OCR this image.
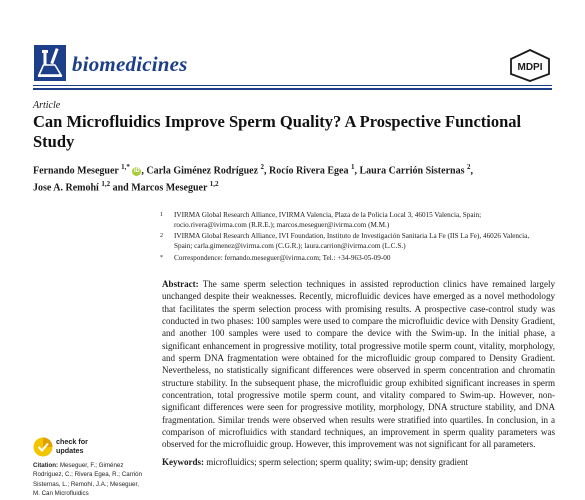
biomedicines	MDPI
Article
Can Microfluidics Improve Sperm Quality? A Prospective Functional Study
Fernando Meseguer $^{1,*}$ iD , Carla Giménez Rodríguez $^2$, Rocío Rivera Egea $^1$, Laura Carrión Sisternas $^2$,
Jose A. Remohí $^{1,2}$ and Marcos Meseguer $^{1,2}$
1 IVIRMA Global Research Alliance, IVIRMA Valencia, Plaza de la Policia Local 3, 46015 Valencia, Spain; rocio.rivera@ivirma.com (R.R.E.); marcos.meseguer@ivirma.com (M.M.)
2 IVIRMA Global Research Alliance, IVI Foundation, Instituto de Investigación Sanitaria La Fe (IIS La Fe), 46026 Valencia, Spain; carla.gimenez@ivirma.com (C.G.R.); laura.carrion@ivirma.com (L.C.S.)
* Correspondence: fernando.meseguer@ivirma.com; Tel.: +34-963-05-09-00
Abstract: The same sperm selection techniques in assisted reproduction clinics have remained largely unchanged despite their weaknesses. Recently, microfluidic devices have emerged as a novel methodology that facilitates the sperm selection process with promising results. A prospective case-control study was conducted in two phases: 100 samples were used to compare the microfluidic device with Density Gradient, and another 100 samples were used to compare the device with the Swim-up. In the initial phase, a significant enhancement in progressive motility, total progressive motile sperm count, vitality, morphology, and sperm DNA fragmentation were obtained for the microfluidic group compared to Density Gradient. Nevertheless, no statistically significant differences were observed in sperm concentration and chromatin structure stability. In the subsequent phase, the microfluidic group exhibited significant increases in sperm concentration, total progressive motile sperm count, and vitality compared to Swim-up. However, non-significant differences were seen for progressive motility, morphology, DNA structure stability, and DNA fragmentation. Similar trends were observed when results were stratified into quartiles. In conclusion, in a comparison of microfluidics with standard techniques, an improvement in sperm quality parameters was observed for the microfluidic group. However, this improvement was not significant for all parameters.
Keywords: microfluidics; sperm selection; sperm quality; swim-up; density gradient
check for
updates
Citation: Meseguer, F.; Giménez Rodríguez, C.; Rivera Egea, R.; Carrión Sisternas, L.; Remohí, J.A.; Meseguer, M. Can Microfluidics
